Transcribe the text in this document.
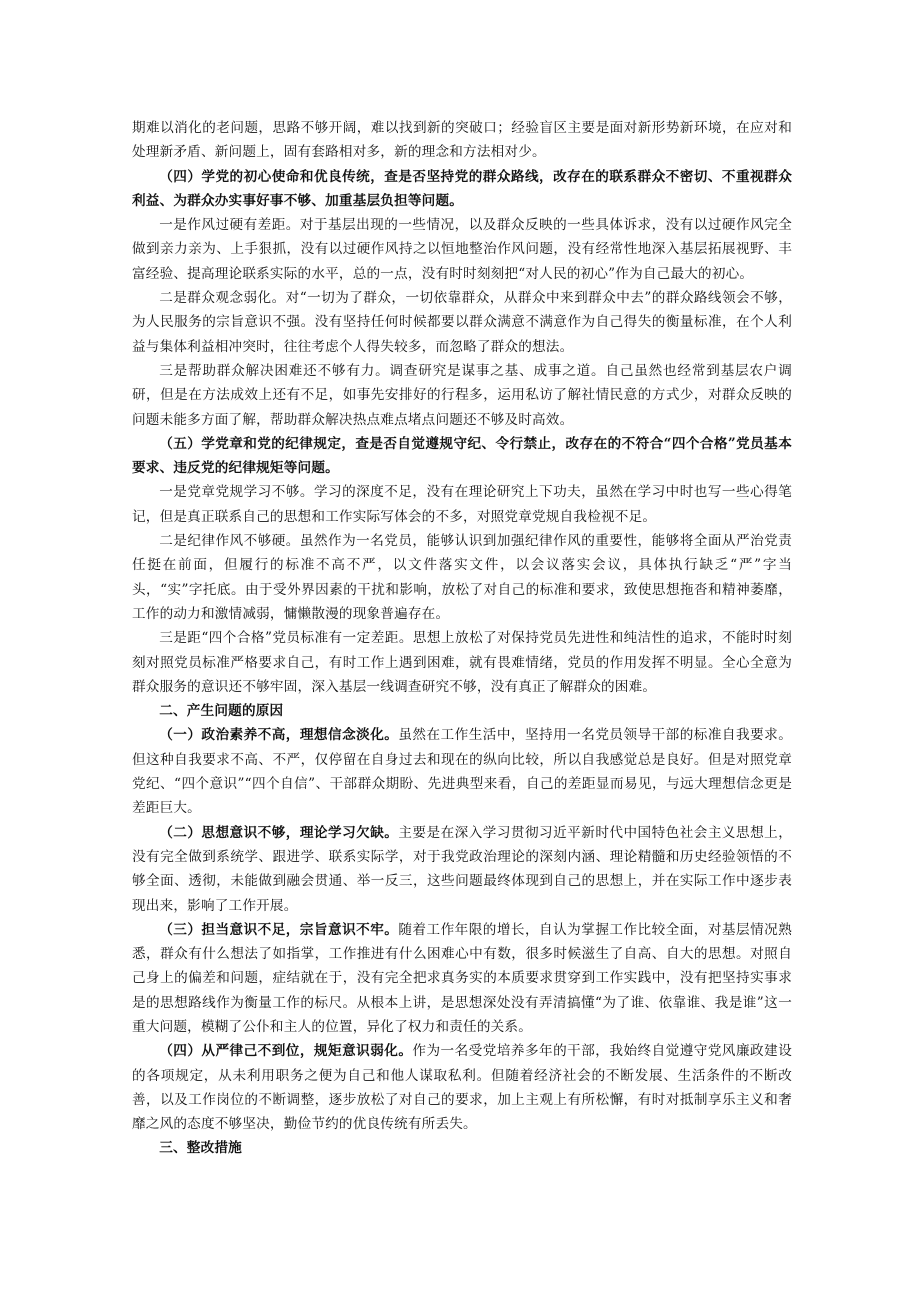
期难以消化的老问题，思路不够开阔，难以找到新的突破口；经验盲区主要是面对新形势新环境，在应对和处理新矛盾、新问题上，固有套路相对多，新的理念和方法相对少。

（四）学党的初心使命和优良传统，查是否坚持党的群众路线，改存在的联系群众不密切、不重视群众利益、为群众办实事好事不够、加重基层负担等问题。

一是作风过硬有差距。对于基层出现的一些情况，以及群众反映的一些具体诉求，没有以过硬作风完全做到亲力亲为、上手狠抓，没有以过硬作风持之以恒地整治作风问题，没有经常性地深入基层拓展视野、丰富经验、提高理论联系实际的水平，总的一点，没有时时刻刻把“对人民的初心”作为自己最大的初心。

二是群众观念弱化。对“一切为了群众，一切依靠群众，从群众中来到群众中去”的群众路线领会不够，为人民服务的宗旨意识不强。没有坚持任何时候都要以群众满意不满意作为自己得失的衡量标准，在个人利益与集体利益相冲突时，往往考虑个人得失较多，而忽略了群众的想法。

三是帮助群众解决困难还不够有力。调查研究是谋事之基、成事之道。自己虽然也经常到基层农户调研，但是在方法成效上还有不足，如事先安排好的行程多，运用私访了解社情民意的方式少，对群众反映的问题未能多方面了解，帮助群众解决热点难点堵点问题还不够及时高效。

（五）学党章和党的纪律规定，查是否自觉遵规守纪、令行禁止，改存在的不符合“四个合格”党员基本要求、违反党的纪律规矩等问题。

一是党章党规学习不够。学习的深度不足，没有在理论研究上下功夫，虽然在学习中时也写一些心得笔记，但是真正联系自己的思想和工作实际写体会的不多，对照党章党规自我检视不足。

二是纪律作风不够硬。虽然作为一名党员，能够认识到加强纪律作风的重要性，能够将全面从严治党责任挺在前面，但履行的标准不高不严，以文件落实文件，以会议落实会议，具体执行缺乏“严”字当头，“实”字托底。由于受外界因素的干扰和影响，放松了对自己的标准和要求，致使思想拖沓和精神萎靡，工作的动力和激情减弱，慵懒散漫的现象普遍存在。

三是距“四个合格”党员标准有一定差距。思想上放松了对保持党员先进性和纯洁性的追求，不能时时刻刻对照党员标准严格要求自己，有时工作上遇到困难，就有畏难情绪，党员的作用发挥不明显。全心全意为群众服务的意识还不够牢固，深入基层一线调查研究不够，没有真正了解群众的困难。

二、产生问题的原因

（一）政治素养不高，理想信念淡化。虽然在工作生活中，坚持用一名党员领导干部的标准自我要求。但这种自我要求不高、不严，仅停留在自身过去和现在的纵向比较，所以自我感觉总是良好。但是对照党章党纪、“四个意识”“四个自信”、干部群众期盼、先进典型来看，自己的差距显而易见，与远大理想信念更是差距巨大。

（二）思想意识不够，理论学习欠缺。主要是在深入学习贯彻习近平新时代中国特色社会主义思想上，没有完全做到系统学、跟进学、联系实际学，对于我党政治理论的深刻内涵、理论精髓和历史经验领悟的不够全面、透彻，未能做到融会贯通、举一反三，这些问题最终体现到自己的思想上，并在实际工作中逐步表现出来，影响了工作开展。

（三）担当意识不足，宗旨意识不牢。随着工作年限的增长，自认为掌握工作比较全面，对基层情况熟悉，群众有什么想法了如指掌，工作推进有什么困难心中有数，很多时候滋生了自高、自大的思想。对照自己身上的偏差和问题，症结就在于，没有完全把求真务实的本质要求贯穿到工作实践中，没有把坚持实事求是的思想路线作为衡量工作的标尺。从根本上讲，是思想深处没有弄清搞懂“为了谁、依靠谁、我是谁”这一重大问题，模糊了公仆和主人的位置，异化了权力和责任的关系。

（四）从严律己不到位，规矩意识弱化。作为一名受党培养多年的干部，我始终自觉遵守党风廉政建设的各项规定，从未利用职务之便为自己和他人谋取私利。但随着经济社会的不断发展、生活条件的不断改善，以及工作岗位的不断调整，逐步放松了对自己的要求，加上主观上有所松懈，有时对抵制享乐主义和奢靡之风的态度不够坚决，勤俭节约的优良传统有所丢失。

三、整改措施
